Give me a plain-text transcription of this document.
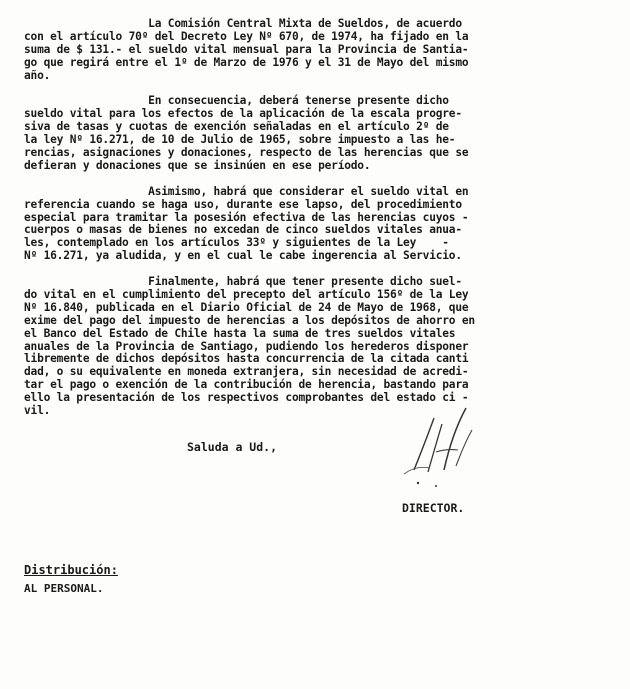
La Comisión Central Mixta de Sueldos, de acuerdo
con el artículo 70º del Decreto Ley Nº 670, de 1974, ha fijado en la
suma de $ 131.- el sueldo vital mensual para la Provincia de Santia-
go que regirá entre el 1º de Marzo de 1976 y el 31 de Mayo del mismo
año.
En consecuencia, deberá tenerse presente dicho
sueldo vital para los efectos de la aplicación de la escala progre-
siva de tasas y cuotas de exención señaladas en el artículo 2º de
la ley Nº 16.271, de 10 de Julio de 1965, sobre impuesto a las he-
rencias, asignaciones y donaciones, respecto de las herencias que se
defieran y donaciones que se insinúen en ese período.
Asimismo, habrá que considerar el sueldo vital en
referencia cuando se haga uso, durante ese lapso, del procedimiento
especial para tramitar la posesión efectiva de las herencias cuyos -
cuerpos o masas de bienes no excedan de cinco sueldos vitales anua-
les, contemplado en los artículos 33º y siguientes de la Ley    -
Nº 16.271, ya aludida, y en el cual le cabe ingerencia al Servicio.
Finalmente, habrá que tener presente dicho suel-
do vital en el cumplimiento del precepto del artículo 156º de la Ley
Nº 16.840, publicada en el Diario Oficial de 24 de Mayo de 1968, que
exime del pago del impuesto de herencias a los depósitos de ahorro en
el Banco del Estado de Chile hasta la suma de tres sueldos vitales
anuales de la Provincia de Santiago, pudiendo los herederos disponer
libremente de dichos depósitos hasta concurrencia de la citada canti
dad, o su equivalente en moneda extranjera, sin necesidad de acredi-
tar el pago o exención de la contribución de herencia, bastando para
ello la presentación de los respectivos comprobantes del estado ci -
vil.
Saluda a Ud.,
DIRECTOR.
Distribución:
AL PERSONAL.
